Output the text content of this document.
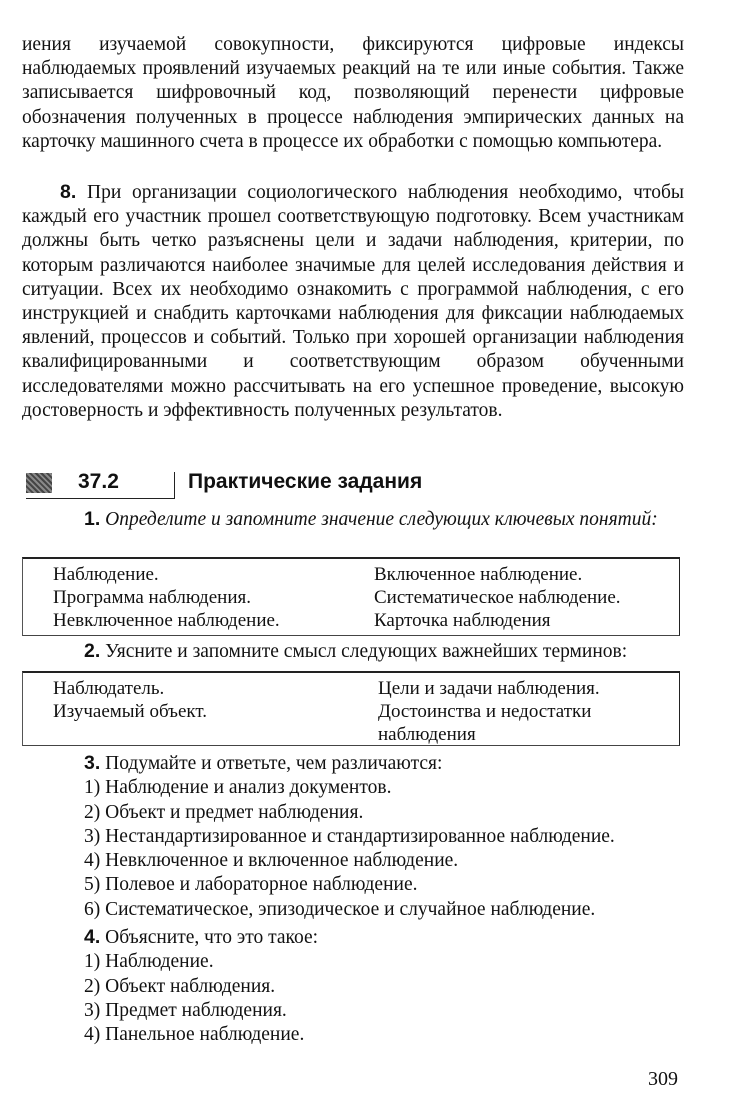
иения изучаемой совокупности, фиксируются цифровые индексы наблюдаемых проявлений изучаемых реакций на те или иные события. Также записывается шифровочный код, позволяющий перенести цифровые обозначения полученных в процессе наблюдения эмпирических данных на карточку машинного счета в процессе их обработки с помощью компьютера.

8. При организации социологического наблюдения необходимо, чтобы каждый его участник прошел соответствующую подготовку. Всем участникам должны быть четко разъяснены цели и задачи наблюдения, критерии, по которым различаются наиболее значимые для целей исследования действия и ситуации. Всех их необходимо ознакомить с программой наблюдения, с его инструкцией и снабдить карточками наблюдения для фиксации наблюдаемых явлений, процессов и событий. Только при хорошей организации наблюдения квалифицированными и соответствующим образом обученными исследователями можно рассчитывать на его успешное проведение, высокую достоверность и эффективность полученных результатов.

37.2	Практические задания

1. Определите и запомните значение следующих ключевых понятий:

Наблюдение.
Программа наблюдения.
Невключенное наблюдение.
Включенное наблюдение.
Систематическое наблюдение.
Карточка наблюдения

2. Уясните и запомните смысл следующих важнейших терминов:

Наблюдатель.
Изучаемый объект.
Цели и задачи наблюдения.
Достоинства и недостатки
наблюдения
3. Подумайте и ответьте, чем различаются:
1) Наблюдение и анализ документов.
2) Объект и предмет наблюдения.
3) Нестандартизированное и стандартизированное наблюдение.
4) Невключенное и включенное наблюдение.
5) Полевое и лабораторное наблюдение.
6) Систематическое, эпизодическое и случайное наблюдение.
4. Объясните, что это такое:
1) Наблюдение.
2) Объект наблюдения.
3) Предмет наблюдения.
4) Панельное наблюдение.
309
